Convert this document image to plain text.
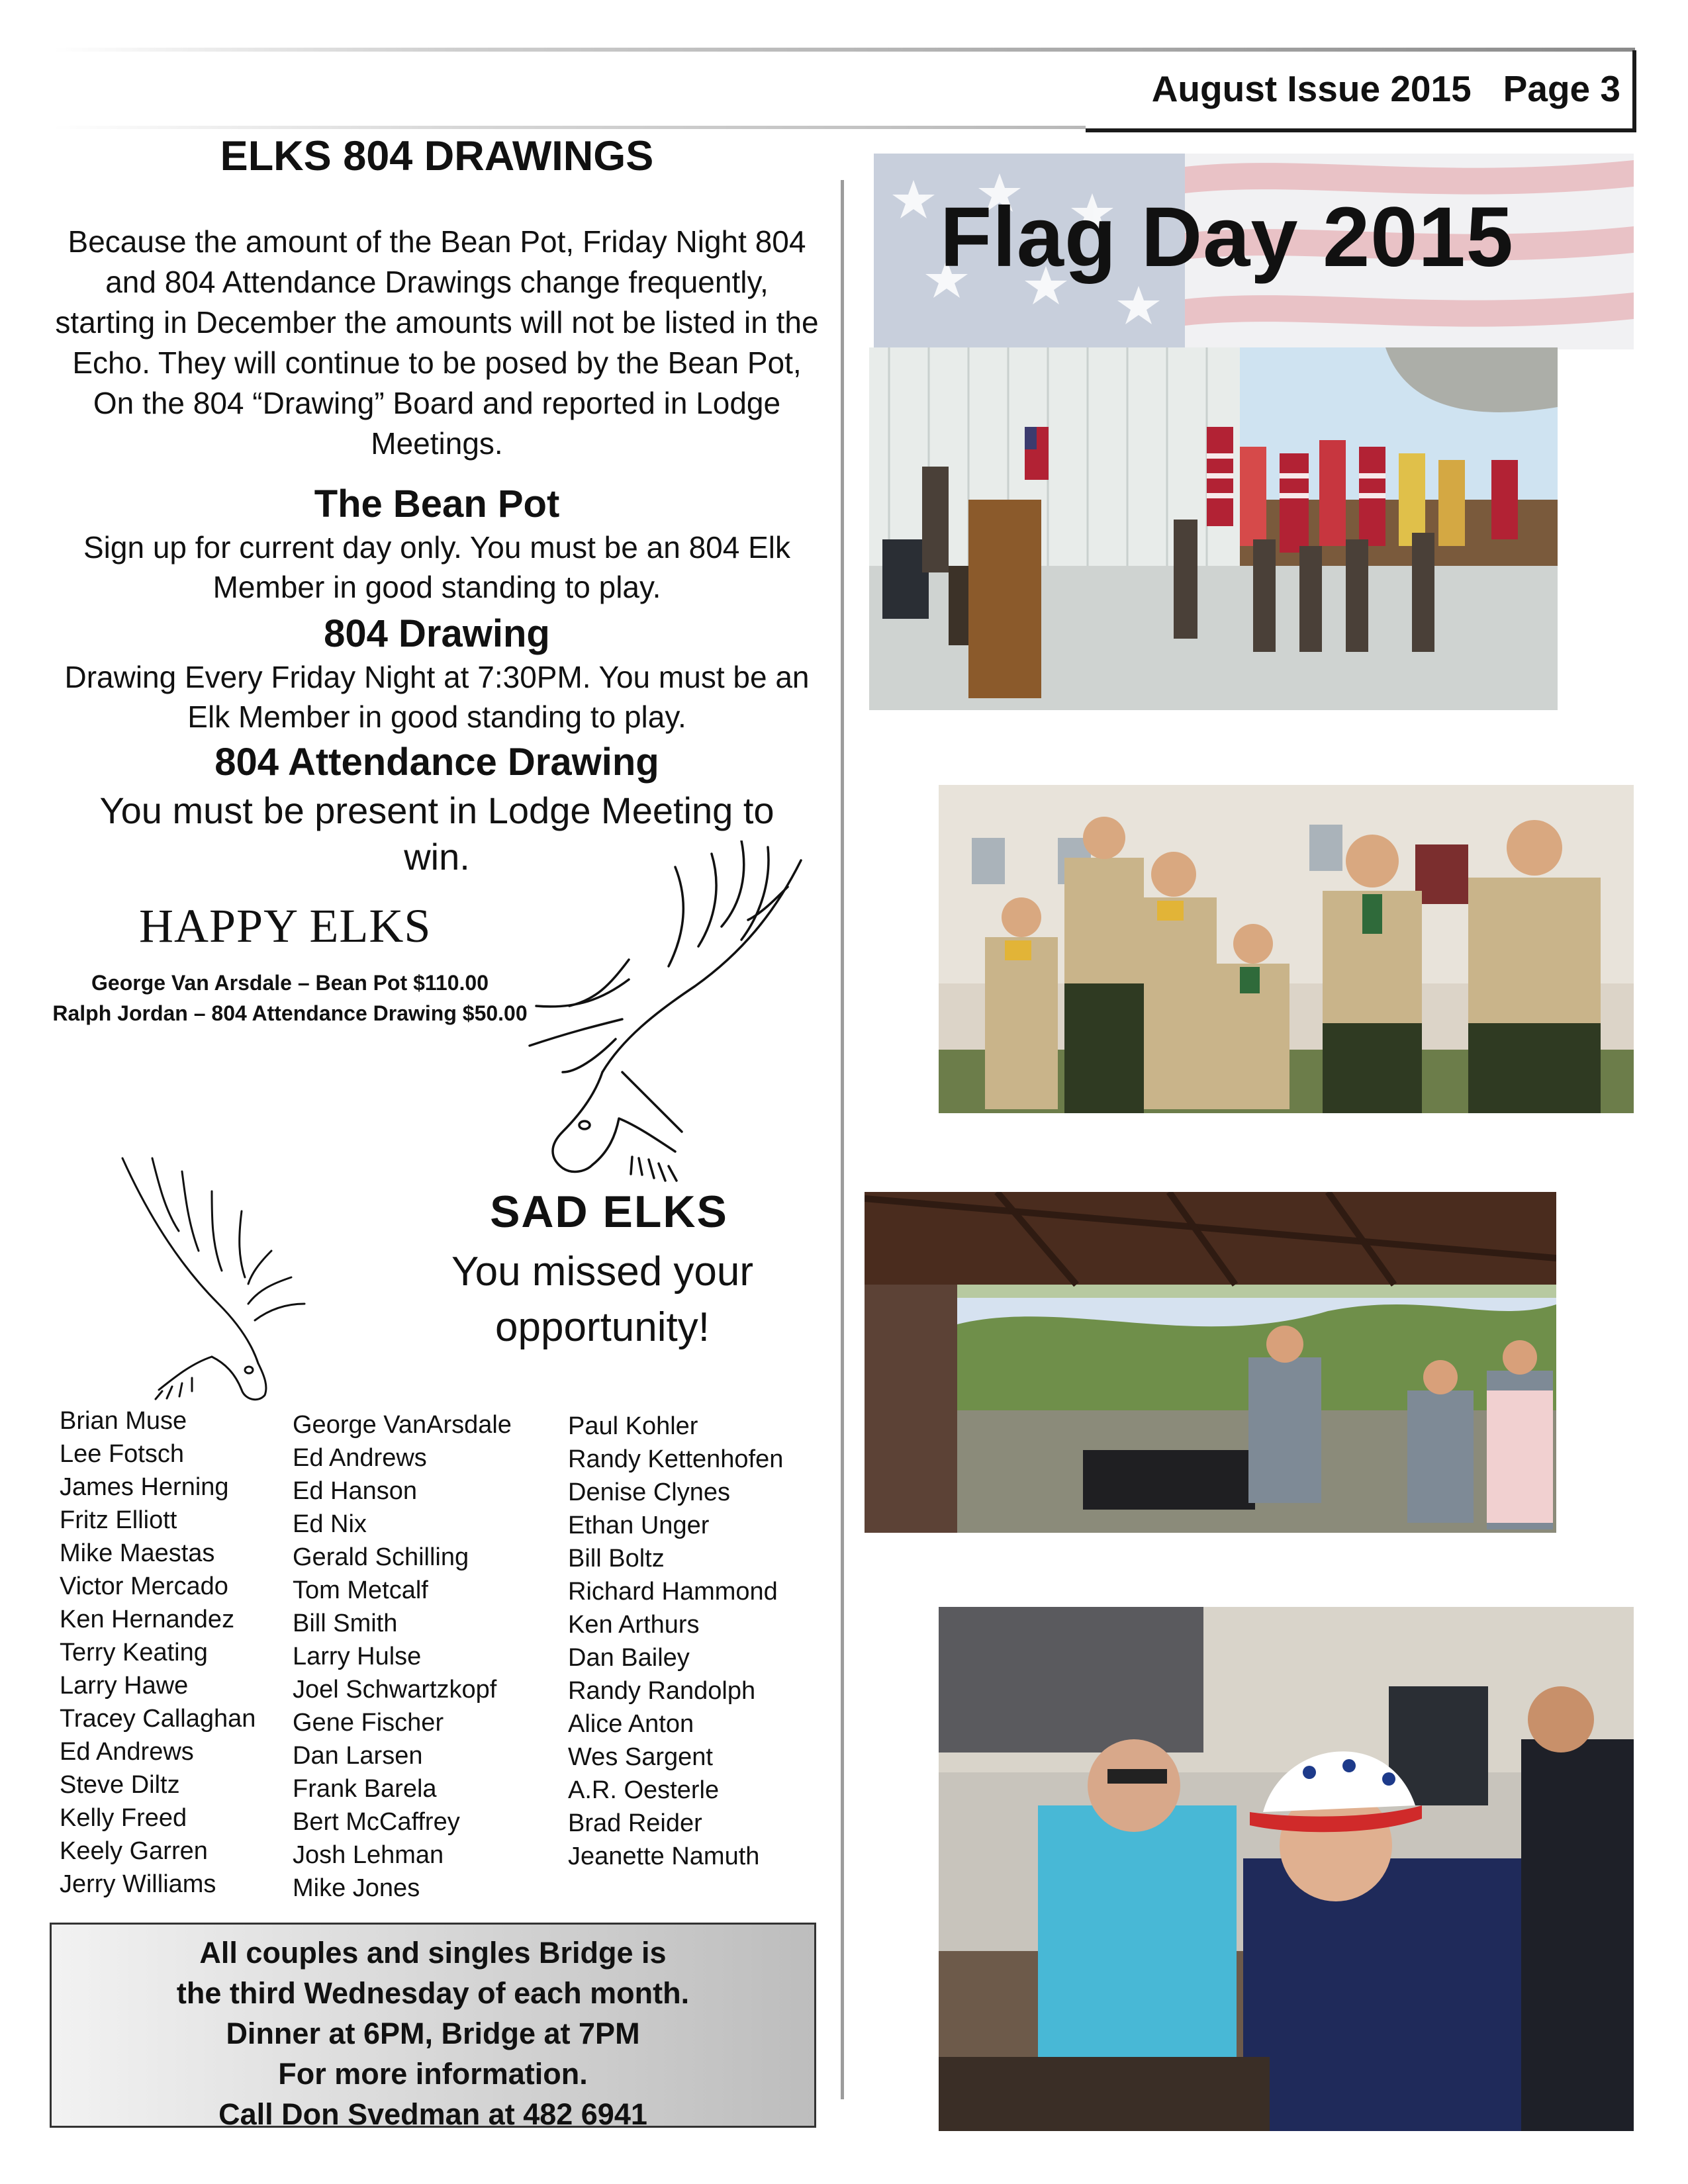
August Issue 2015 Page 3
ELKS 804 DRAWINGS
Because the amount of the Bean Pot, Friday Night 804 and 804 Attendance Drawings change frequently, starting in December the amounts will not be listed in the Echo. They will continue to be posed by the Bean Pot, On the 804 “Drawing” Board and reported in Lodge Meetings.
The Bean Pot
Sign up for current day only. You must be an 804 Elk Member in good standing to play.
804 Drawing
Drawing Every Friday Night at 7:30PM. You must be an Elk Member in good standing to play.
804 Attendance Drawing
You must be present in Lodge Meeting to win.
HAPPY ELKS
George Van Arsdale – Bean Pot $110.00
Ralph Jordan – 804 Attendance Drawing $50.00
SAD ELKS
You missed your opportunity!
Brian Muse
Lee Fotsch
James Herning
Fritz Elliott
Mike Maestas
Victor Mercado
Ken Hernandez
Terry Keating
Larry Hawe
Tracey Callaghan
Ed Andrews
Steve Diltz
Kelly Freed
Keely Garren
Jerry Williams
George VanArsdale
Ed Andrews
Ed Hanson
Ed Nix
Gerald Schilling
Tom Metcalf
Bill Smith
Larry Hulse
Joel Schwartzkopf
Gene Fischer
Dan Larsen
Frank Barela
Bert McCaffrey
Josh Lehman
Mike Jones
Paul Kohler
Randy Kettenhofen
Denise Clynes
Ethan Unger
Bill Boltz
Richard Hammond
Ken Arthurs
Dan Bailey
Randy Randolph
Alice Anton
Wes Sargent
A.R. Oesterle
Brad Reider
Jeanette Namuth
All couples and singles Bridge is
the third Wednesday of each month.
Dinner at 6PM, Bridge at 7PM
For more information.
Call Don Svedman at 482 6941
Flag Day 2015
